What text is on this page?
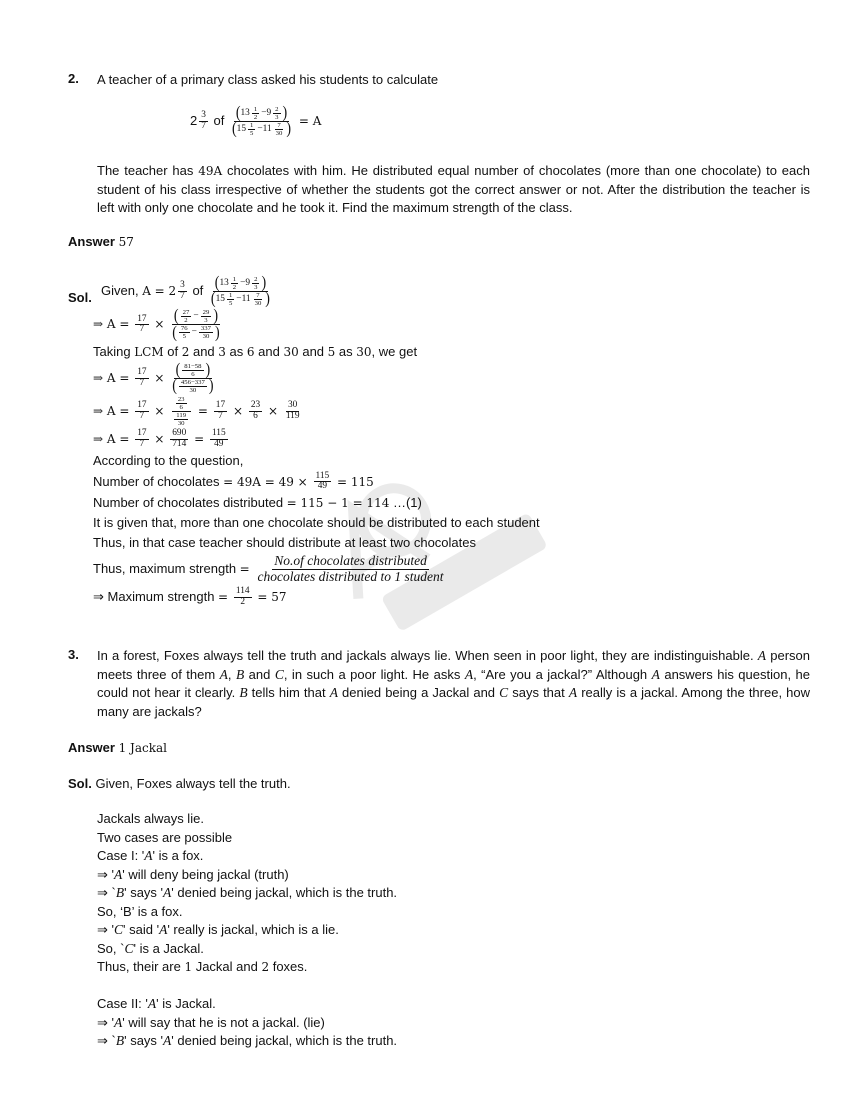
2. A teacher of a primary class asked his students to calculate
$2 \frac{3}{7}$ of $\frac{( 13 \frac{1}{2} -9 \frac{2}{3} )}{( 15 \frac{1}{5} -11 \frac{7}{30} )} = A$
The teacher has 49A chocolates with him. He distributed equal number of chocolates (more than one chocolate) to each student of his class irrespective of whether the students got the correct answer or not. After the distribution the teacher is left with only one chocolate and he took it. Find the maximum strength of the class.
Answer 57
Sol. Given, $A = 2 \frac{3}{7}$ of $\frac{( 13 \frac{1}{2} -9 \frac{2}{3} )}{( 15 \frac{1}{5} -11 \frac{7}{30} )}$
⇒ $A = \frac{17}{7} \times \frac{( \frac{27}{2} - \frac{29}{3} )}{( \frac{76}{5} - \frac{337}{30} )}$
Taking LCM of 2 and 3 as 6 and 30 and 5 as 30, we get
⇒ $A = \frac{17}{7} \times \frac{( \frac{81-58}{6} )}{( \frac{456-337}{30} )}$
⇒ $A = \frac{17}{7} \times \frac{\frac{23}{6}}{\frac{119}{30}} = \frac{17}{7} \times \frac{23}{6} \times \frac{30}{119}$
⇒ $A = \frac{17}{7} \times \frac{690}{714} = \frac{115}{49}$
According to the question,
Number of chocolates = $49A = 49 \times \frac{115}{49} = 115$
Number of chocolates distributed = 115 − 1 = 114 …(1)
It is given that, more than one chocolate should be distributed to each student
Thus, in that case teacher should distribute at least two chocolates
Thus, maximum strength = $\frac{\text{No.of chocolates distributed}}{\text{chocolates distributed to 1 student}}$
⇒ Maximum strength = $\frac{114}{2} = 57$
3. In a forest, Foxes always tell the truth and jackals always lie. When seen in poor light, they are indistinguishable. A person meets three of them A, B and C, in such a poor light. He asks A, “Are you a jackal?” Although A answers his question, he could not hear it clearly. B tells him that A denied being a Jackal and C says that A really is a jackal. Among the three, how many are jackals?
Answer 1 Jackal
Sol. Given, Foxes always tell the truth.
Jackals always lie.
Two cases are possible
Case I: 'A' is a fox.
⇒ 'A' will deny being jackal (truth)
⇒ `B' says 'A' denied being jackal, which is the truth.
So, ‘B’ is a fox.
⇒ 'C' said 'A' really is jackal, which is a lie.
So, `C' is a Jackal.
Thus, their are 1 Jackal and 2 foxes.
Case II: 'A' is Jackal.
⇒ 'A' will say that he is not a jackal. (lie)
⇒ `B' says 'A' denied being jackal, which is the truth.
